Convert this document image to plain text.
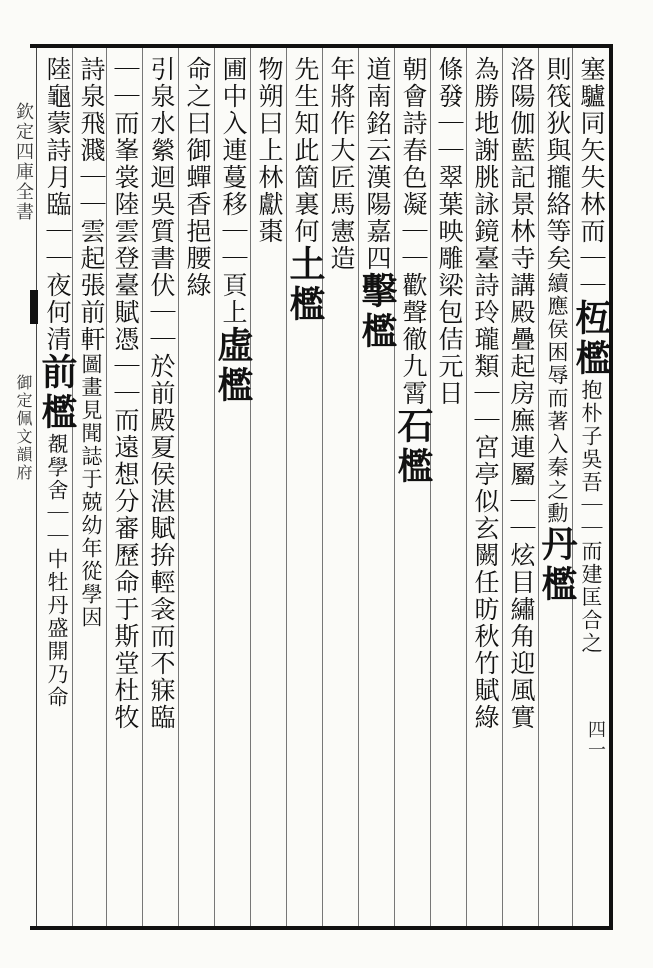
欽定四庫全書
御定佩文韻府
塞驢同矢失林而｜｜枑檻抱朴子吳吾｜｜而建匡合之
則筏狄與攏絡等矣續應侯困辱而著入秦之勳丹檻
洛陽伽藍記景林寺講殿疊起房廡連屬｜｜炫目繡角迎風實
為勝地謝朓詠鏡臺詩玲瓏類｜｜宮亭似玄闕任昉秋竹賦綠
條發｜｜翠葉映雕梁包佶元日
朝會詩春色凝｜｜歡聲徹九霄石檻
道南銘云漢陽嘉四擊檻
年將作大匠馬憲造
先生知此箇裏何土檻
物朔曰上林獻棗
圃中入連蔓移｜｜頁上虛檻
命之曰御蟬香挹腰綠
引泉水縈迴吳質書伏｜｜於前殿夏侯湛賦拚輕衾而不寐臨
｜｜而峯裳陸雲登臺賦憑｜｜而遠想分審歷命于斯堂杜牧
詩泉飛濺｜｜雲起張前軒圖畫見聞誌于兢幼年從學因
陸龜蒙詩月臨｜｜夜何清前檻覩學舍｜｜中牡丹盛開乃命
四一
